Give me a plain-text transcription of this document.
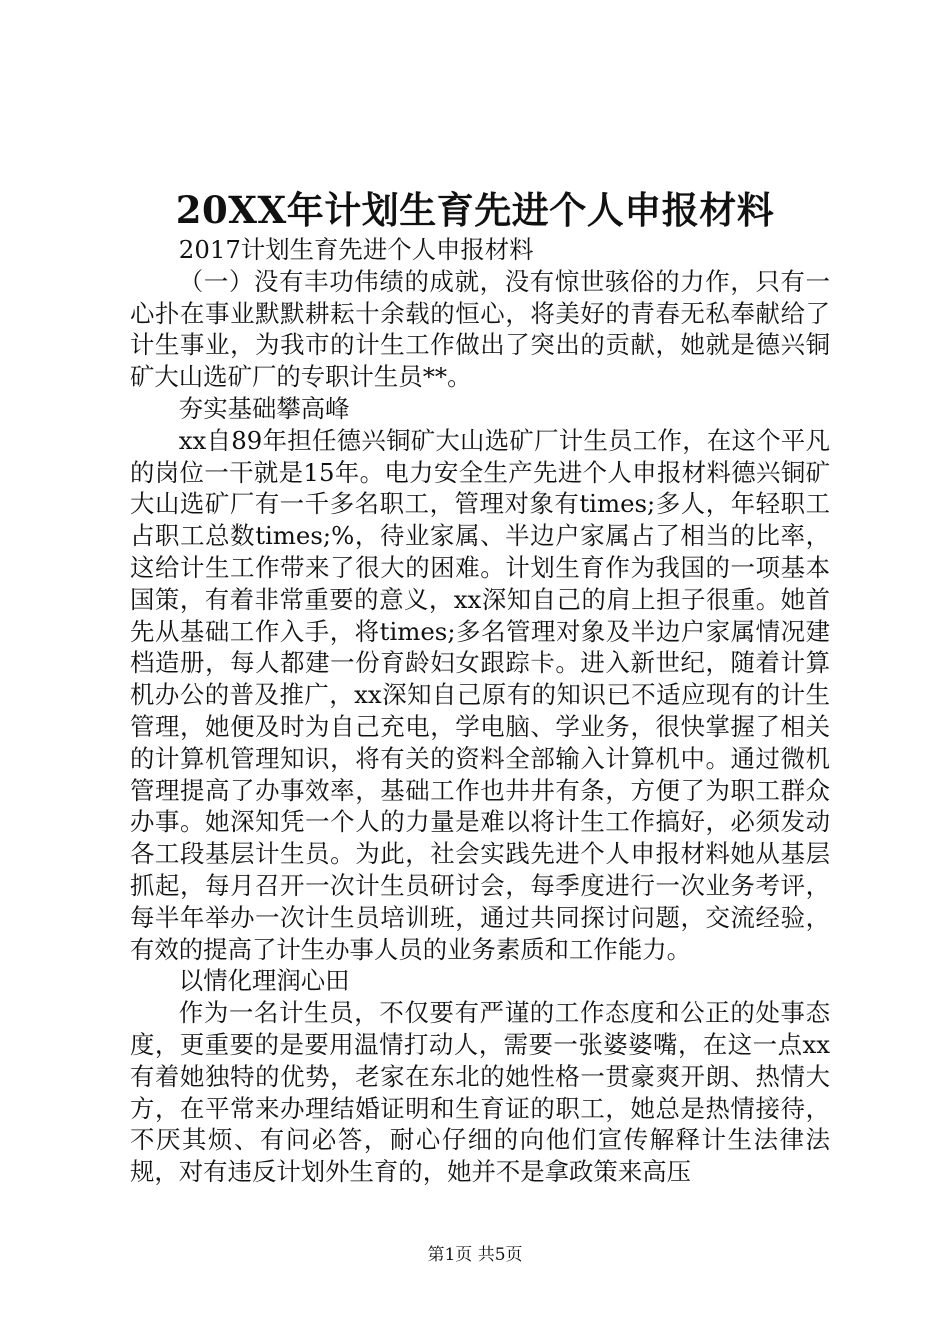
20XX年计划生育先进个人申报材料

2017计划生育先进个人申报材料

（一）没有丰功伟绩的成就，没有惊世骇俗的力作，只有一心扑在事业默默耕耘十余载的恒心，将美好的青春无私奉献给了计生事业，为我市的计生工作做出了突出的贡献，她就是德兴铜矿大山选矿厂的专职计生员**。

夯实基础攀高峰

xx自89年担任德兴铜矿大山选矿厂计生员工作，在这个平凡的岗位一干就是15年。电力安全生产先进个人申报材料德兴铜矿大山选矿厂有一千多名职工，管理对象有times;多人，年轻职工占职工总数times;%，待业家属、半边户家属占了相当的比率，这给计生工作带来了很大的困难。计划生育作为我国的一项基本国策，有着非常重要的意义，xx深知自己的肩上担子很重。她首先从基础工作入手，将times;多名管理对象及半边户家属情况建档造册，每人都建一份育龄妇女跟踪卡。进入新世纪，随着计算机办公的普及推广，xx深知自己原有的知识已不适应现有的计生管理，她便及时为自己充电，学电脑、学业务，很快掌握了相关的计算机管理知识，将有关的资料全部输入计算机中。通过微机管理提高了办事效率，基础工作也井井有条，方便了为职工群众办事。她深知凭一个人的力量是难以将计生工作搞好，必须发动各工段基层计生员。为此，社会实践先进个人申报材料她从基层抓起，每月召开一次计生员研讨会，每季度进行一次业务考评，每半年举办一次计生员培训班，通过共同探讨问题，交流经验，有效的提高了计生办事人员的业务素质和工作能力。

以情化理润心田

作为一名计生员，不仅要有严谨的工作态度和公正的处事态度，更重要的是要用温情打动人，需要一张婆婆嘴，在这一点xx有着她独特的优势，老家在东北的她性格一贯豪爽开朗、热情大方，在平常来办理结婚证明和生育证的职工，她总是热情接待，不厌其烦、有问必答，耐心仔细的向他们宣传解释计生法律法规，对有违反计划外生育的，她并不是拿政策来高压

第1页 共5页
